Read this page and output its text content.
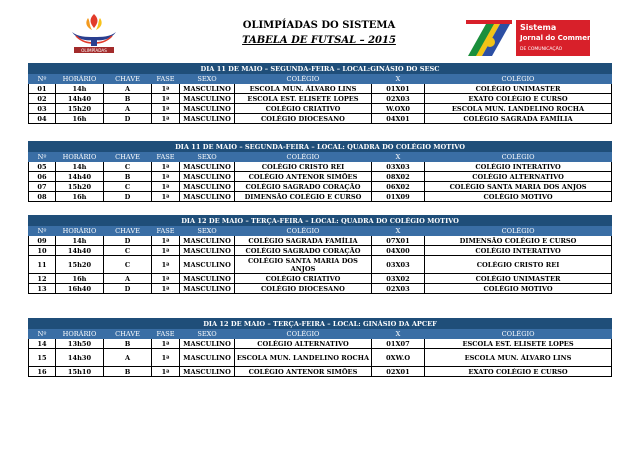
OLIMPÍADAS
Sistema
Jornal do Commercio
DE COMUNICAÇÃO
OLIMPÍADAS DO SISTEMA
TABELA DE FUTSAL – 2015
DIA 11 DE MAIO – SEGUNDA-FEIRA – LOCAL:GINÁSIO DO SESC							
Nº	HORÁRIO	CHAVE	FASE	SEXO	COLÉGIO	X	COLÉGIO
01	14h	A	1ª	MASCULINO	ESCOLA MUN. ÁLVARO LINS	01X01	COLÉGIO UNIMASTER
02	14h40	B	1ª	MASCULINO	ESCOLA EST. ELISETE LOPES	02X03	EXATO COLÉGIO E CURSO
03	15h20	A	1ª	MASCULINO	COLÉGIO CRIATIVO	W.OX0	ESCOLA MUN. LANDELINO ROCHA
04	16h	D	1ª	MASCULINO	COLÉGIO DIOCESANO	04X01	COLÉGIO SAGRADA FAMÍLIA
DIA 11 DE MAIO – SEGUNDA-FEIRA – LOCAL: QUADRA DO COLÉGIO MOTIVO							
Nº	HORÁRIO	CHAVE	FASE	SEXO	COLÉGIO	X	COLÉGIO
05	14h	C	1ª	MASCULINO	COLÉGIO CRISTO REI	03X03	COLÉGIO INTERATIVO
06	14h40	B	1ª	MASCULINO	COLÉGIO ANTENOR SIMÕES	08X02	COLÉGIO ALTERNATIVO
07	15h20	C	1ª	MASCULINO	COLÉGIO SAGRADO CORAÇÃO	06X02	COLÉGIO SANTA MARIA DOS ANJOS
08	16h	D	1ª	MASCULINO	DIMENSÃO COLÉGIO E CURSO	01X09	COLÉGIO MOTIVO
DIA 12 DE MAIO – TERÇA-FEIRA – LOCAL: QUADRA DO COLÉGIO MOTIVO							
Nº	HORÁRIO	CHAVE	FASE	SEXO	COLÉGIO	X	COLÉGIO
09	14h	D	1ª	MASCULINO	COLÉGIO SAGRADA FAMÍLIA	07X01	DIMENSÃO COLÉGIO E CURSO
10	14h40	C	1ª	MASCULINO	COLÉGIO SAGRADO CORAÇÃO	04X00	COLÉGIO INTERATIVO
11	15h20	C	1ª	MASCULINO	COLÉGIO SANTA MARIA DOS ANJOS	03X03	COLÉGIO CRISTO REI
12	16h	A	1ª	MASCULINO	COLÉGIO CRIATIVO	03X02	COLÉGIO UNIMASTER
13	16h40	D	1ª	MASCULINO	COLÉGIO DIOCESANO	02X03	COLÉGIO MOTIVO
DIA 12 DE MAIO – TERÇA-FEIRA – LOCAL: GINÁSIO DA APCEF							
Nº	HORÁRIO	CHAVE	FASE	SEXO	COLÉGIO	X	COLÉGIO
14	13h50	B	1ª	MASCULINO	COLÉGIO ALTERNATIVO	01X07	ESCOLA EST. ELISETE LOPES
15	14h30	A	1ª	MASCULINO	ESCOLA MUN. LANDELINO ROCHA	0XW.O	ESCOLA MUN. ÁLVARO LINS
16	15h10	B	1ª	MASCULINO	COLÉGIO ANTENOR SIMÕES	02X01	EXATO COLÉGIO E CURSO
